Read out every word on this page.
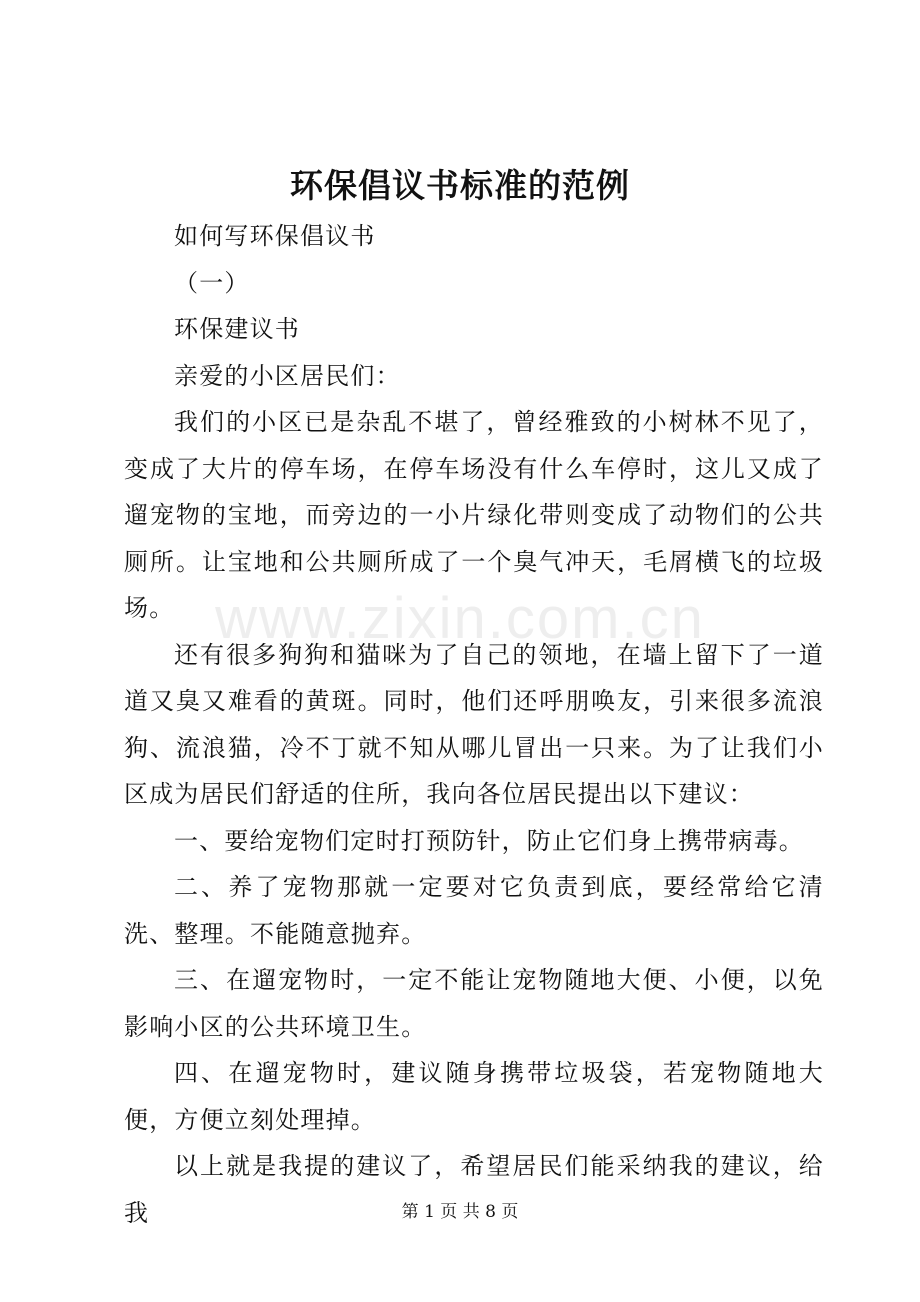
www.zixin.com.cn
环保倡议书标准的范例

如何写环保倡议书

（一）

环保建议书

亲爱的小区居民们：

我们的小区已是杂乱不堪了，曾经雅致的小树林不见了，变成了大片的停车场，在停车场没有什么车停时，这儿又成了遛宠物的宝地，而旁边的一小片绿化带则变成了动物们的公共厕所。让宝地和公共厕所成了一个臭气冲天，毛屑横飞的垃圾场。

还有很多狗狗和猫咪为了自己的领地，在墙上留下了一道道又臭又难看的黄斑。同时，他们还呼朋唤友，引来很多流浪狗、流浪猫，冷不丁就不知从哪儿冒出一只来。为了让我们小区成为居民们舒适的住所，我向各位居民提出以下建议：

一、要给宠物们定时打预防针，防止它们身上携带病毒。

二、养了宠物那就一定要对它负责到底，要经常给它清洗、整理。不能随意抛弃。

三、在遛宠物时，一定不能让宠物随地大便、小便，以免影响小区的公共环境卫生。

四、在遛宠物时，建议随身携带垃圾袋，若宠物随地大便，方便立刻处理掉。

以上就是我提的建议了，希望居民们能采纳我的建议，给我	第 1 页 共 8 页
